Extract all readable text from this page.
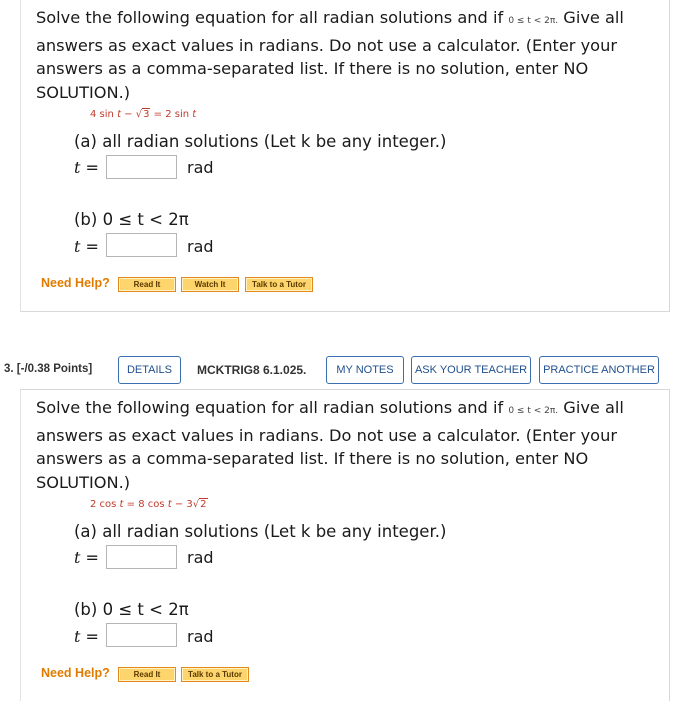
Solve the following equation for all radian solutions and if 0 ≤ t < 2π. Give all answers as exact values in radians. Do not use a calculator. (Enter your answers as a comma-separated list. If there is no solution, enter NO SOLUTION.)
4 sin t − √3 = 2 sin t
(a) all radian solutions (Let k be any integer.)
t =	rad
(b) 0 ≤ t < 2π
t =	rad
Need Help?	Read It	Watch It	Talk to a Tutor
3. [-/0.38 Points]	DETAILS	MCKTRIG8 6.1.025.	MY NOTES	ASK YOUR TEACHER	PRACTICE ANOTHER
Solve the following equation for all radian solutions and if 0 ≤ t < 2π. Give all answers as exact values in radians. Do not use a calculator. (Enter your answers as a comma-separated list. If there is no solution, enter NO SOLUTION.)
2 cos t = 8 cos t − 3√2
(a) all radian solutions (Let k be any integer.)
t =	rad
(b) 0 ≤ t < 2π
t =	rad
Need Help?	Read It	Talk to a Tutor
